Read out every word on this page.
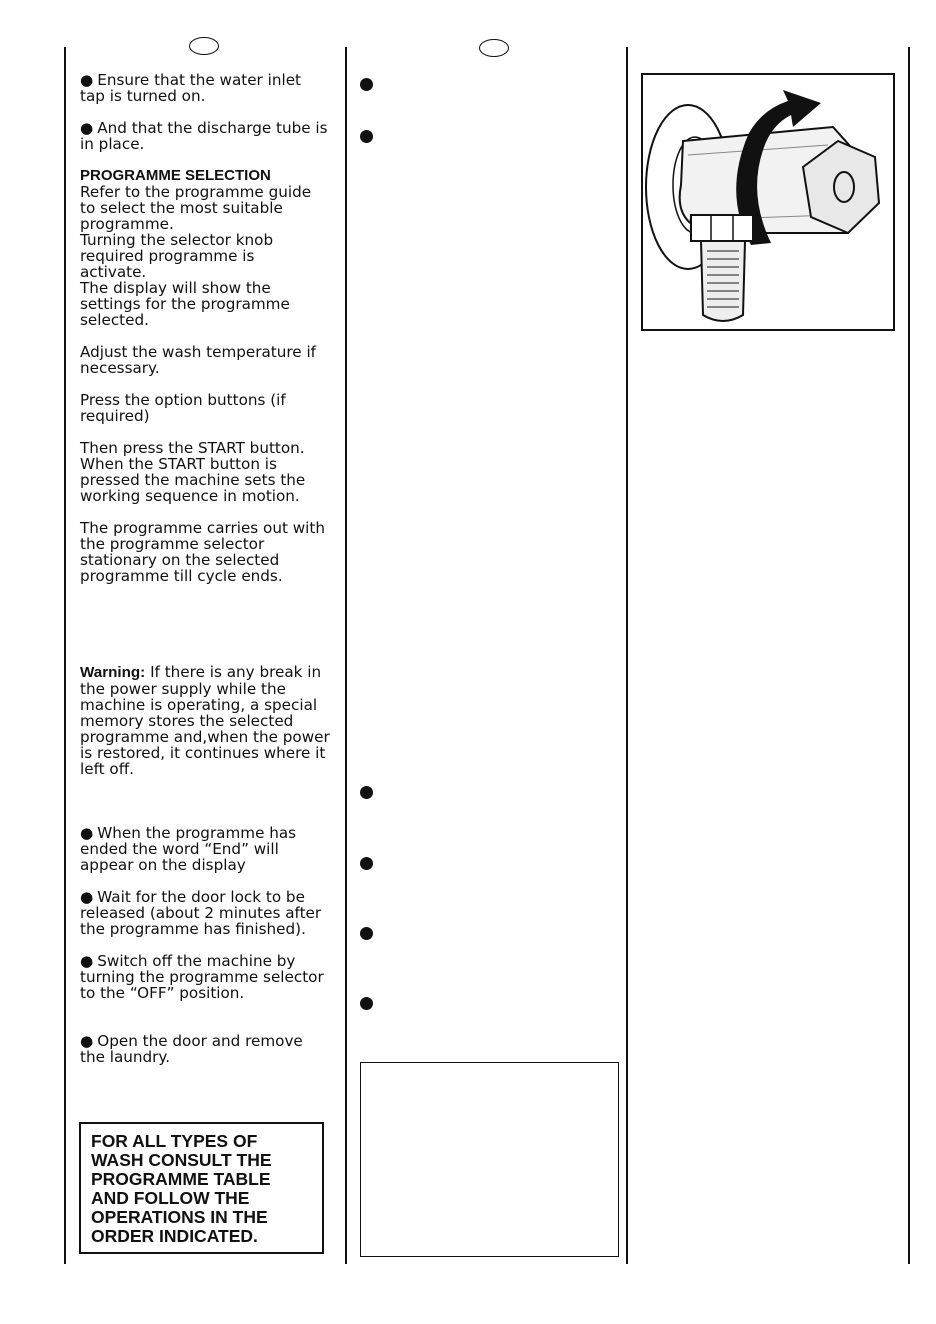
● Ensure that the water inlet tap is turned on.

● And that the discharge tube is in place.

PROGRAMME SELECTION

Refer to the programme guide
to select the most suitable
programme.
Turning the selector knob
required programme is
activate.
The display will show the
settings for the programme
selected.

Adjust the wash temperature if necessary.

Press the option buttons (if required)

Then press the START button. When the START button is pressed the machine sets the working sequence in motion.

The programme carries out with the programme selector stationary on the selected programme till cycle ends.

Warning: If there is any break in the power supply while the machine is operating, a special memory stores the selected programme and,when the power is restored, it continues where it left off.

● When the programme has ended the word “End” will appear on the display

● Wait for the door lock to be released (about 2 minutes after the programme has finished).

● Switch off the machine by turning the programme selector to the “OFF” position.

● Open the door and remove the laundry.

FOR ALL TYPES OF WASH CONSULT THE PROGRAMME TABLE AND FOLLOW THE OPERATIONS IN THE ORDER INDICATED.
